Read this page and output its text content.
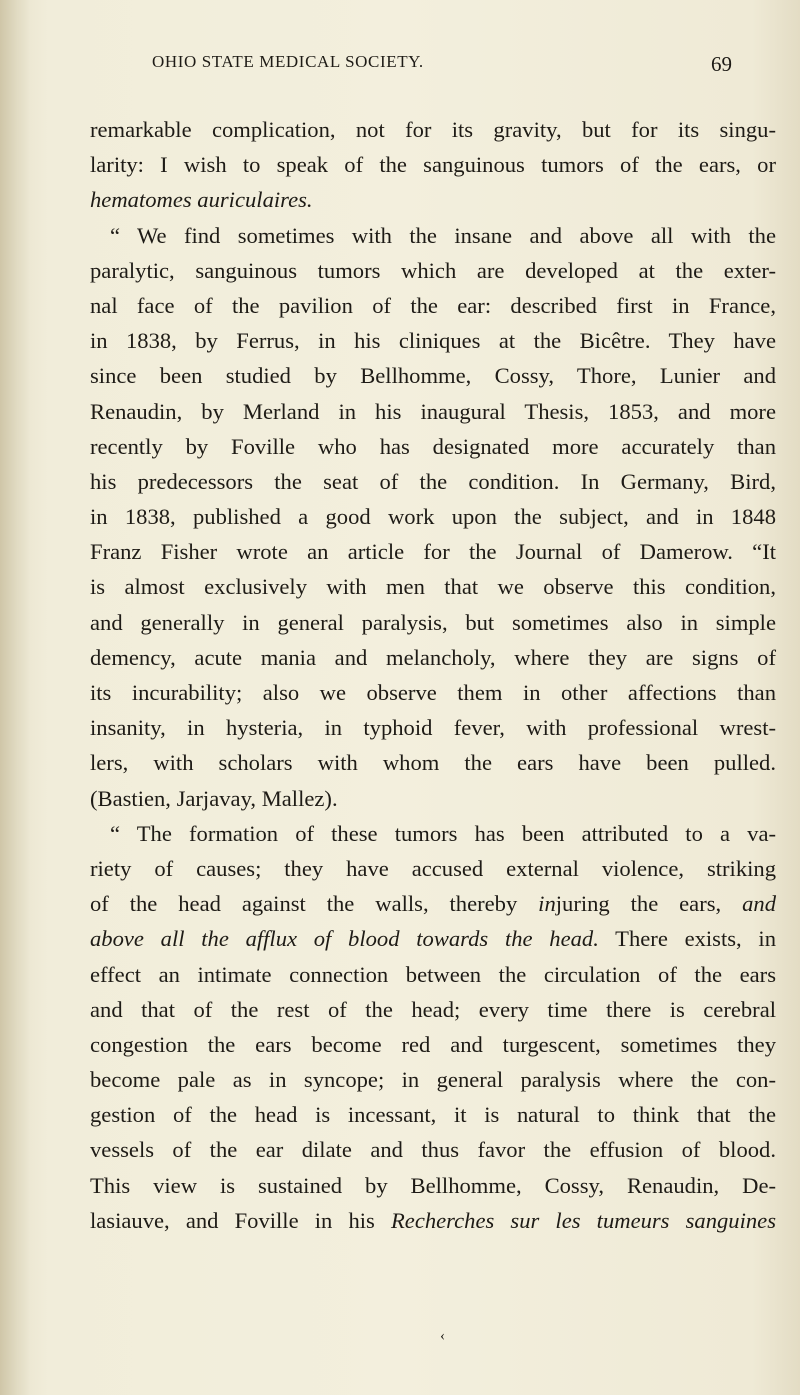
OHIO STATE MEDICAL SOCIETY.	69
remarkable complication, not for its gravity, but for its singu-
larity: I wish to speak of the sanguinous tumors of the ears, or
hematomes auriculaires.
“ We find sometimes with the insane and above all with the
paralytic, sanguinous tumors which are developed at the exter-
nal face of the pavilion of the ear: described first in France,
in 1838, by Ferrus, in his cliniques at the Bicêtre. They have
since been studied by Bellhomme, Cossy, Thore, Lunier and
Renaudin, by Merland in his inaugural Thesis, 1853, and more
recently by Foville who has designated more accurately than
his predecessors the seat of the condition. In Germany, Bird,
in 1838, published a good work upon the subject, and in 1848
Franz Fisher wrote an article for the Journal of Damerow. “It
is almost exclusively with men that we observe this condition,
and generally in general paralysis, but sometimes also in simple
demency, acute mania and melancholy, where they are signs of
its incurability; also we observe them in other affections than
insanity, in hysteria, in typhoid fever, with professional wrest-
lers, with scholars with whom the ears have been pulled.
(Bastien, Jarjavay, Mallez).
“ The formation of these tumors has been attributed to a va-
riety of causes; they have accused external violence, striking
of the head against the walls, thereby injuring the ears, and
above all the afflux of blood towards the head. There exists, in
effect an intimate connection between the circulation of the ears
and that of the rest of the head; every time there is cerebral
congestion the ears become red and turgescent, sometimes they
become pale as in syncope; in general paralysis where the con-
gestion of the head is incessant, it is natural to think that the
vessels of the ear dilate and thus favor the effusion of blood.
This view is sustained by Bellhomme, Cossy, Renaudin, De-
lasiauve, and Foville in his Recherches sur les tumeurs sanguines
‹
